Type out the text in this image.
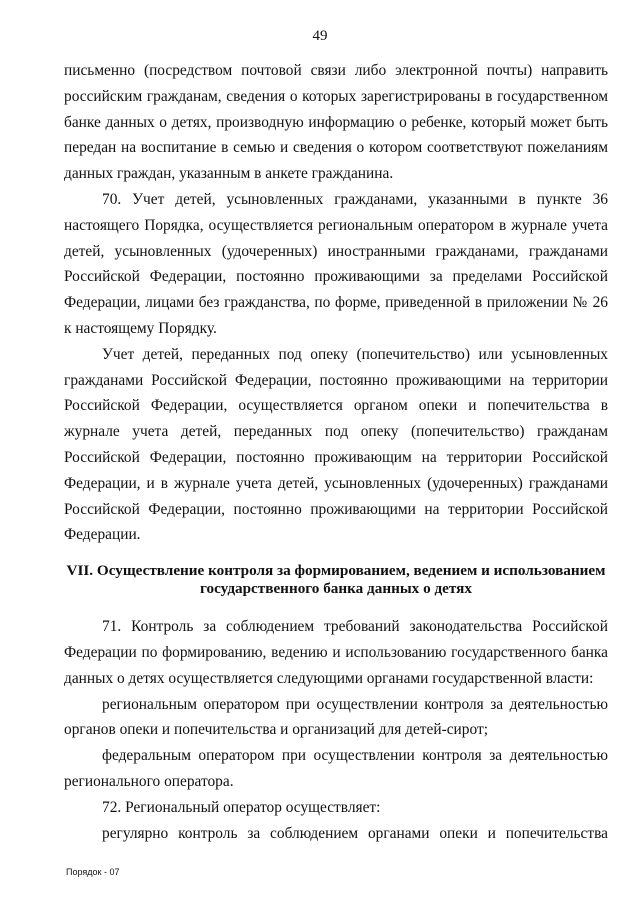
49

письменно (посредством почтовой связи либо электронной почты) направить российским гражданам, сведения о которых зарегистрированы в государственном банке данных о детях, производную информацию о ребенке, который может быть передан на воспитание в семью и сведения о котором соответствуют пожеланиям данных граждан, указанным в анкете гражданина.

70. Учет детей, усыновленных гражданами, указанными в пункте 36 настоящего Порядка, осуществляется региональным оператором в журнале учета детей, усыновленных (удочеренных) иностранными гражданами, гражданами Российской Федерации, постоянно проживающими за пределами Российской Федерации, лицами без гражданства, по форме, приведенной в приложении № 26 к настоящему Порядку.

Учет детей, переданных под опеку (попечительство) или усыновленных гражданами Российской Федерации, постоянно проживающими на территории Российской Федерации, осуществляется органом опеки и попечительства в журнале учета детей, переданных под опеку (попечительство) гражданам Российской Федерации, постоянно проживающим на территории Российской Федерации, и в журнале учета детей, усыновленных (удочеренных) гражданами Российской Федерации, постоянно проживающими на территории Российской Федерации.

VII. Осуществление контроля за формированием, ведением и использованием
государственного банка данных о детях

71. Контроль за соблюдением требований законодательства Российской Федерации по формированию, ведению и использованию государственного банка данных о детях осуществляется следующими органами государственной власти:

региональным оператором при осуществлении контроля за деятельностью органов опеки и попечительства и организаций для детей-сирот;

федеральным оператором при осуществлении контроля за деятельностью регионального оператора.

72. Региональный оператор осуществляет:

регулярно контроль за соблюдением органами опеки и попечительства

Порядок - 07
